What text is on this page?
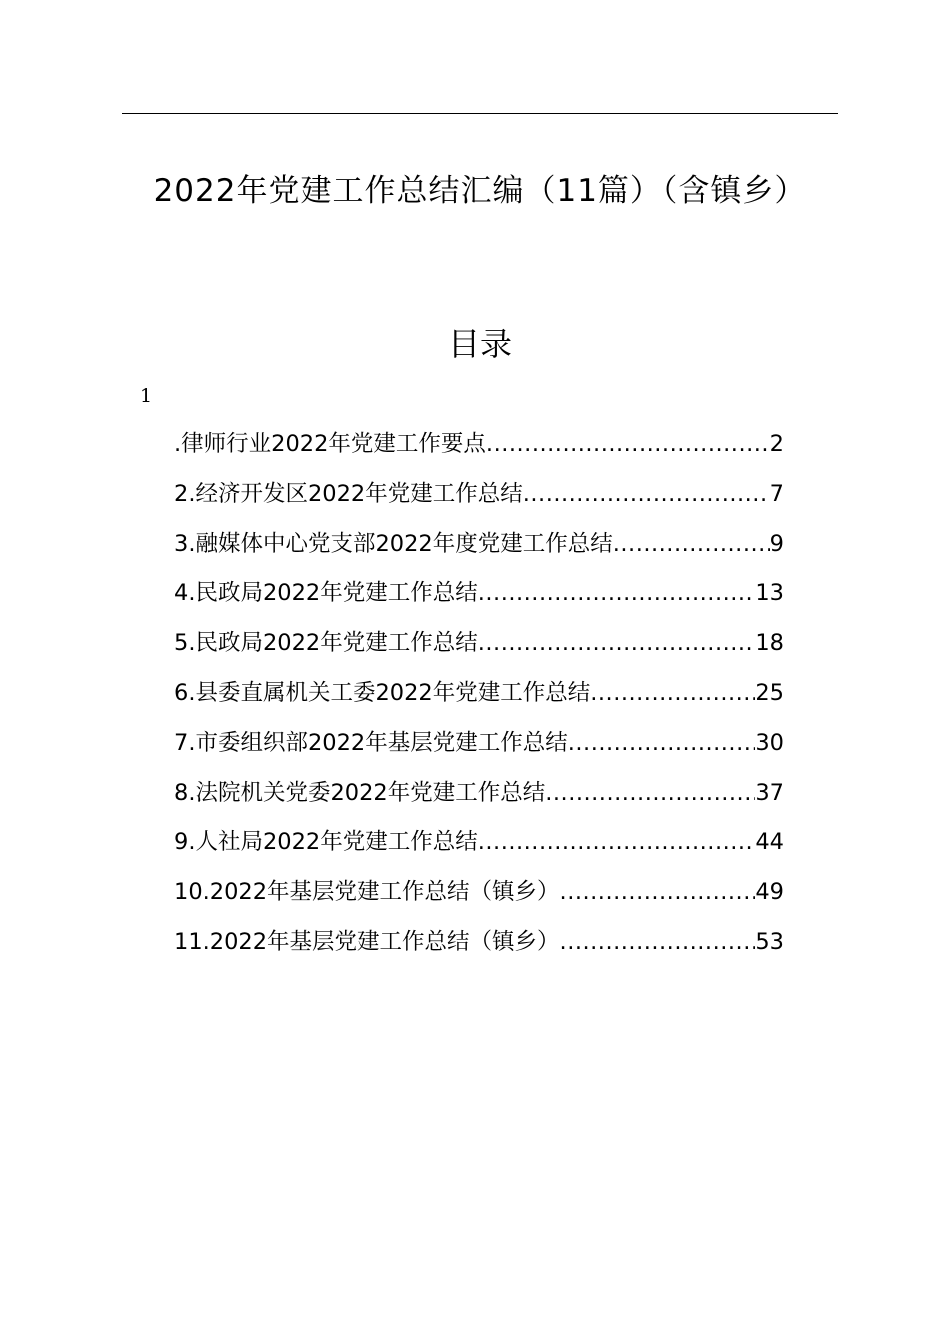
2022年党建工作总结汇编（11篇）（含镇乡）
目录
1
.律师行业2022年党建工作要点 .....	2
2.经济开发区2022年党建工作总结 .....	7
3.融媒体中心党支部2022年度党建工作总结 .....	9
4.民政局2022年党建工作总结 .....	13
5.民政局2022年党建工作总结 .....	18
6.县委直属机关工委2022年党建工作总结 .....	25
7.市委组织部2022年基层党建工作总结 .....	30
8.法院机关党委2022年党建工作总结 .....	37
9.人社局2022年党建工作总结 .....	44
10.2022年基层党建工作总结（镇乡） .....	49
11.2022年基层党建工作总结（镇乡） .....	53
